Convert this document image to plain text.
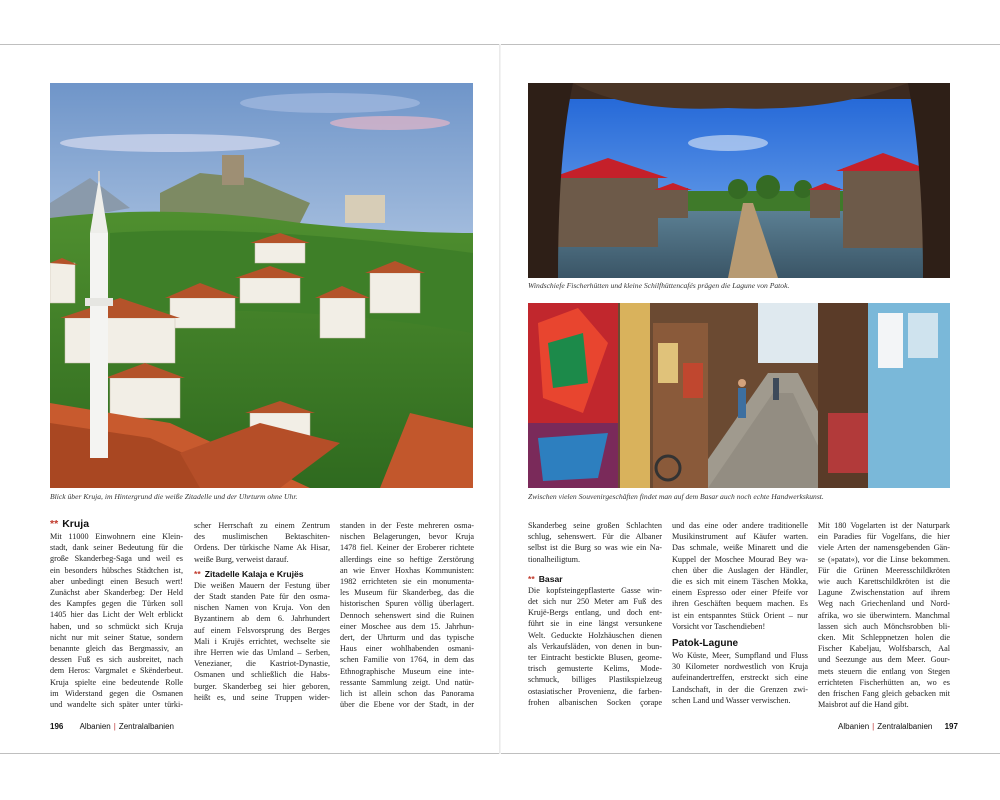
Blick über Kruja, im Hintergrund die weiße Zitadelle und der Uhrturm ohne Uhr.
** Kruja
Mit 11000 Einwohnern eine Klein-
stadt, dank seiner Bedeutung für die
große Skanderbeg-Saga und weil es
ein besonders hübsches Städtchen ist,
aber unbedingt einen Besuch wert!
Zunächst aber Skanderbeg: Der Held
des Kampfes gegen die Türken soll
1405 hier das Licht der Welt erblickt
haben, und so schmückt sich Kruja
nicht nur mit seiner Statue, sondern
benannte gleich das Bergmassiv, an
dessen Fuß es sich ausbreitet, nach
dem Heros: Vargmalet e Skënderbeut.
Kruja spielte eine bedeutende Rolle
im Widerstand gegen die Osmanen
und wandelte sich später unter türki-
scher Herrschaft zu einem Zentrum
des muslimischen Bektaschiten-
Ordens. Der türkische Name Ak Hisar,
weiße Burg, verweist darauf.
** Zitadelle Kalaja e Krujës
Die weißen Mauern der Festung über
der Stadt standen Pate für den osma-
nischen Namen von Kruja. Von den
Byzantinern ab dem 6. Jahrhundert
auf einem Felsvorsprung des Berges
Mali i Krujës errichtet, wechselte sie
ihre Herren wie das Umland – Serben,
Venezianer, die Kastriot-Dynastie,
Osmanen und schließlich die Habs-
burger. Skanderbeg sei hier geboren,
heißt es, und seine Truppen wider-
standen in der Feste mehreren osma-
nischen Belagerungen, bevor Kruja
1478 fiel. Keiner der Eroberer richtete
allerdings eine so heftige Zerstörung
an wie Enver Hoxhas Kommunisten:
1982 errichteten sie ein monumenta-
les Museum für Skanderbeg, das die
historischen Spuren völlig überlagert.
Dennoch sehenswert sind die Ruinen
einer Moschee aus dem 15. Jahrhun-
dert, der Uhrturm und das typische
Haus einer wohlhabenden osmani-
schen Familie von 1764, in dem das
Ethnographische Museum eine inte-
ressante Sammlung zeigt. Und natür-
lich ist allein schon das Panorama
über die Ebene vor der Stadt, in der
196 Albanien | Zentralalbanien
Windschiefe Fischerhütten und kleine Schilfhüttencafés prägen die Lagune von Patok.
Zwischen vielen Souvenirgeschäften findet man auf dem Basar auch noch echte Handwerkskunst.
Skanderbeg seine großen Schlachten
schlug, sehenswert. Für die Albaner
selbst ist die Burg so was wie ein Na-
tionalheiligtum.
** Basar
Die kopfsteingepflasterte Gasse win-
det sich nur 250 Meter am Fuß des
Krujë-Bergs entlang, und doch ent-
führt sie in eine längst versunkene
Welt. Geduckte Holzhäuschen dienen
als Verkaufsläden, von denen in bun-
ter Eintracht bestickte Blusen, geome-
trisch gemusterte Kelims, Mode-
schmuck, billiges Plastikspielzeug
ostasiatischer Provenienz, die farben-
frohen albanischen Socken çorape
und das eine oder andere traditionelle
Musikinstrument auf Käufer warten.
Das schmale, weiße Minarett und die
Kuppel der Moschee Mourad Bey wa-
chen über die Auslagen der Händler,
die es sich mit einem Täschen Mokka,
einem Espresso oder einer Pfeife vor
ihren Geschäften bequem machen. Es
ist ein entspanntes Stück Orient – nur
Vorsicht vor Taschendieben!
Patok-Lagune
Wo Küste, Meer, Sumpfland und Fluss
30 Kilometer nordwestlich von Kruja
aufeinandertreffen, erstreckt sich eine
Landschaft, in der die Grenzen zwi-
schen Land und Wasser verwischen.
Mit 180 Vogelarten ist der Naturpark
ein Paradies für Vogelfans, die hier
viele Arten der namensgebenden Gän-
se (»patat«), vor die Linse bekommen.
Für die Grünen Meeresschildkröten
wie auch Karettschildkröten ist die
Lagune Zwischenstation auf ihrem
Weg nach Griechenland und Nord-
afrika, wo sie überwintern. Manchmal
lassen sich auch Mönchsrobben bli-
cken. Mit Schleppnetzen holen die
Fischer Kabeljau, Wolfsbarsch, Aal
und Seezunge aus dem Meer. Gour-
mets steuern die entlang von Stegen
errichteten Fischerhütten an, wo es
den frischen Fang gleich gebacken mit
Maisbrot auf die Hand gibt.
Albanien | Zentralalbanien 197
